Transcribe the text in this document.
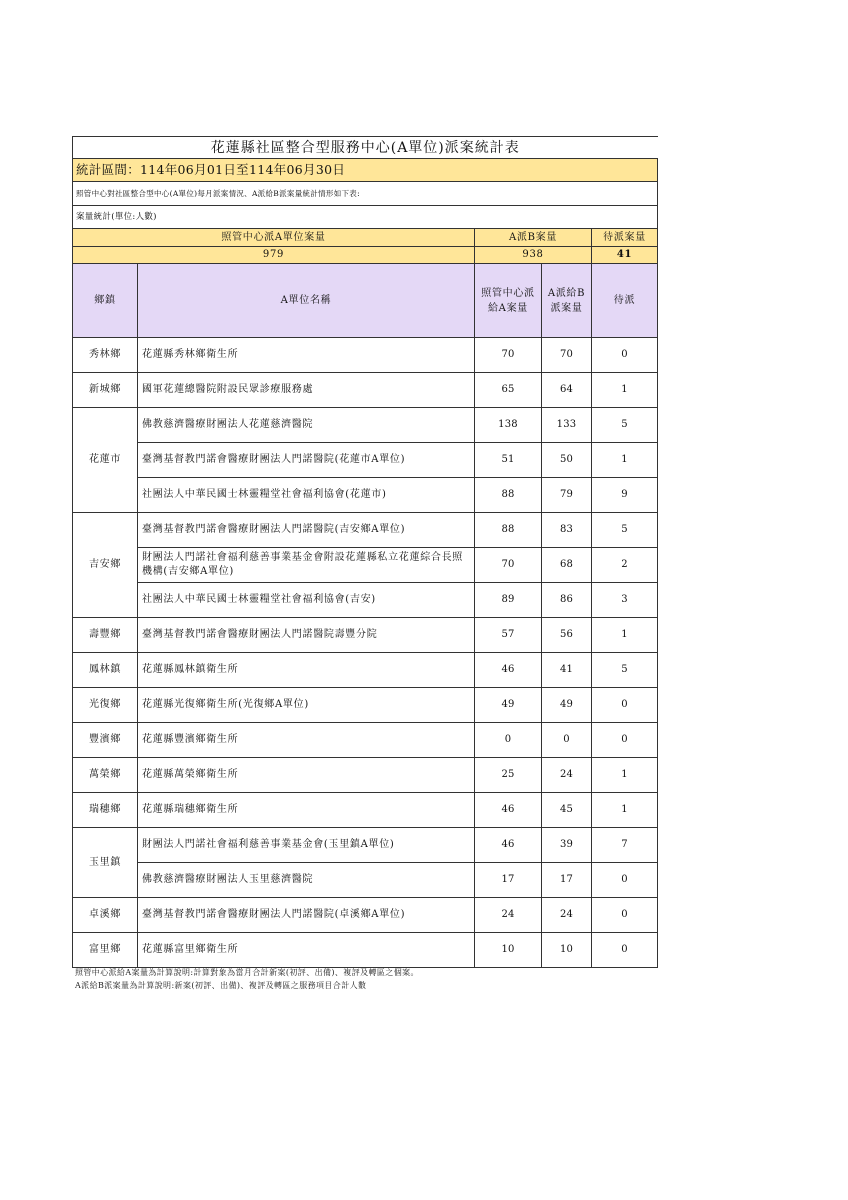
花蓮縣社區整合型服務中心(A單位)派案統計表				
統計區間：114年06月01日至114年06月30日				
照管中心對社區整合型中心(A單位)每月派案情況、A派給B派案量統計情形如下表:				
案量統計(單位:人數)				
照管中心派A單位案量		A派B案量		待派案量
979		938		41
鄉鎮	A單位名稱	照管中心派給A案量	A派給B派案量	待派
秀林鄉	花蓮縣秀林鄉衛生所	70	70	0
新城鄉	國軍花蓮總醫院附設民眾診療服務處	65	64	1
花蓮市	佛教慈濟醫療財團法人花蓮慈濟醫院	138	133	5
	臺灣基督教門諾會醫療財團法人門諾醫院(花蓮市A單位)	51	50	1
	社團法人中華民國士林靈糧堂社會福利協會(花蓮市)	88	79	9
吉安鄉	臺灣基督教門諾會醫療財團法人門諾醫院(吉安鄉A單位)	88	83	5
	財團法人門諾社會福利慈善事業基金會附設花蓮縣私立花蓮綜合長照機構(吉安鄉A單位)	70	68	2
	社團法人中華民國士林靈糧堂社會福利協會(吉安)	89	86	3
壽豐鄉	臺灣基督教門諾會醫療財團法人門諾醫院壽豐分院	57	56	1
鳳林鎮	花蓮縣鳳林鎮衛生所	46	41	5
光復鄉	花蓮縣光復鄉衛生所(光復鄉A單位)	49	49	0
豐濱鄉	花蓮縣豐濱鄉衛生所	0	0	0
萬榮鄉	花蓮縣萬榮鄉衛生所	25	24	1
瑞穗鄉	花蓮縣瑞穗鄉衛生所	46	45	1
玉里鎮	財團法人門諾社會福利慈善事業基金會(玉里鎮A單位)	46	39	7
	佛教慈濟醫療財團法人玉里慈濟醫院	17	17	0
卓溪鄉	臺灣基督教門諾會醫療財團法人門諾醫院(卓溪鄉A單位)	24	24	0
富里鄉	花蓮縣富里鄉衛生所	10	10	0
照管中心派給A案量為計算說明:計算對象為當月合計新案(初評、出備)、複評及轉區之個案。
A派給B派案量為計算說明:新案(初評、出備)、複評及轉區之服務項目合計人數
